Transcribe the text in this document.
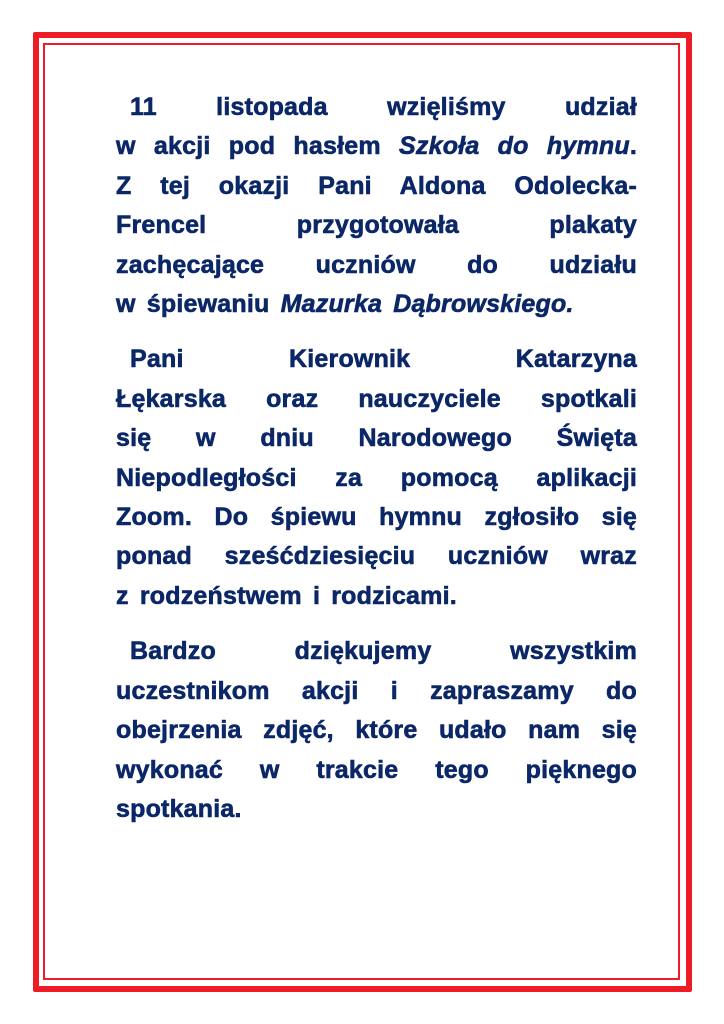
11 listopada wzięliśmy udział
w akcji pod hasłem Szkoła do hymnu.
Z tej okazji Pani Aldona Odolecka-
Frencel przygotowała plakaty
zachęcające uczniów do udziału
w śpiewaniu Mazurka Dąbrowskiego.
Pani Kierownik Katarzyna
Łękarska oraz nauczyciele spotkali
się w dniu Narodowego Święta
Niepodległości za pomocą aplikacji
Zoom. Do śpiewu hymnu zgłosiło się
ponad sześćdziesięciu uczniów wraz
z rodzeństwem i rodzicami.
Bardzo dziękujemy wszystkim
uczestnikom akcji i zapraszamy do
obejrzenia zdjęć, które udało nam się
wykonać w trakcie tego pięknego
spotkania.
